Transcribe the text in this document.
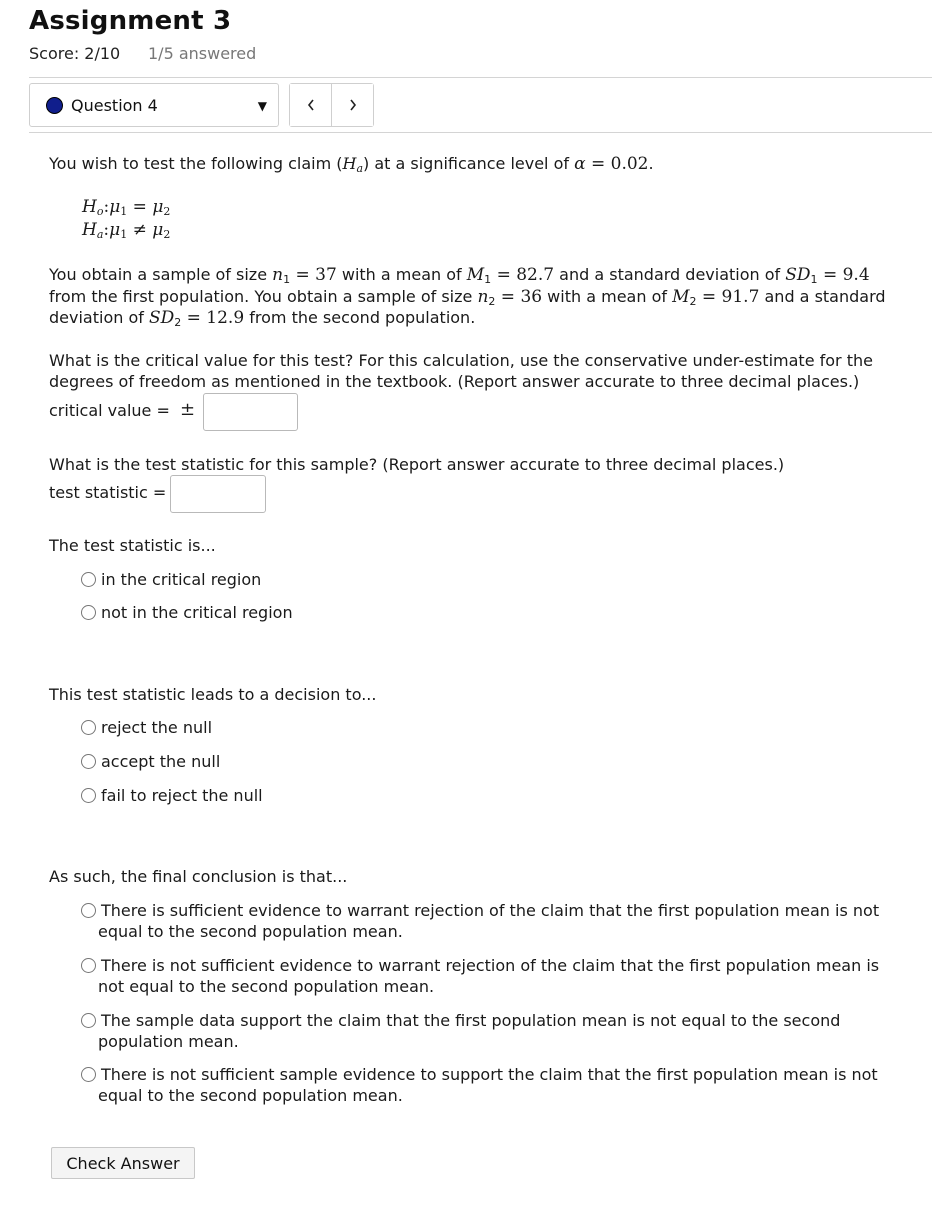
Assignment 3
Score: 2/10 1/5 answered
Question 4	▼
You wish to test the following claim $(H_a)$ at a significance level of α = 0.02.
$H_o:\mu_1 = \mu_2$
$H_a:\mu_1 \ne \mu_2$
You obtain a sample of size $n_1 = 37$ with a mean of $M_1 = 82.7$ and a standard deviation of $SD_1 = 9.4$
from the first population. You obtain a sample of size $n_2 = 36$ with a mean of $M_2 = 91.7$ and a standard
deviation of $SD_2 = 12.9$ from the second population.
What is the critical value for this test? For this calculation, use the conservative under-estimate for the
degrees of freedom as mentioned in the textbook. (Report answer accurate to three decimal places.)
critical value = ±
What is the test statistic for this sample? (Report answer accurate to three decimal places.)
test statistic =
The test statistic is...
in the critical region
not in the critical region
This test statistic leads to a decision to...
reject the null
accept the null
fail to reject the null
As such, the final conclusion is that...
There is sufficient evidence to warrant rejection of the claim that the first population mean is not
equal to the second population mean.
There is not sufficient evidence to warrant rejection of the claim that the first population mean is
not equal to the second population mean.
The sample data support the claim that the first population mean is not equal to the second
population mean.
There is not sufficient sample evidence to support the claim that the first population mean is not
equal to the second population mean.
Check Answer
